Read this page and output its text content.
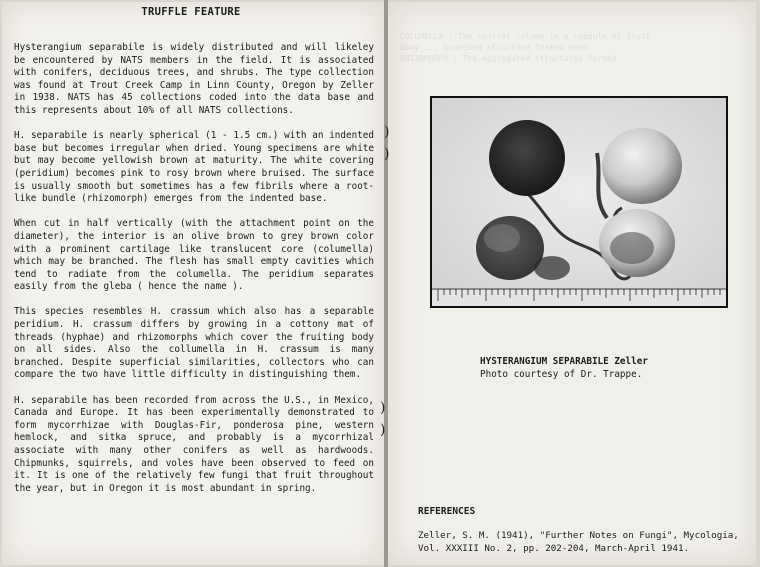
TRUFFLE FEATURE

Hysterangium separabile is widely distributed and will likeley be encountered by NATS members in the field. It is associated with conifers, deciduous trees, and shrubs. The type collection was found at Trout Creek Camp in Linn County, Oregon by Zeller in 1938. NATS has 45 collections coded into the data base and this represents about 10% of all NATS collections.

H. separabile is nearly spherical (1 - 1.5 cm.) with an indented base but becomes irregular when dried. Young specimens are white but may become yellowish brown at maturity. The white covering (peridium) becomes pink to rosy brown where bruised. The surface is usually smooth but sometimes has a few fibrils where a root-like bundle (rhizomorph) emerges from the indented base.

When cut in half vertically (with the attachment point on the diameter), the interior is an olive brown to grey brown color with a prominent cartilage like translucent core (columella) which may be branched. The flesh has small empty cavities which tend to radiate from the columella. The peridium separates easily from the gleba ( hence the name ).

This species resembles H. crassum which also has a separable peridium. H. crassum differs by growing in a cottony mat of threads (hyphae) and rhizomorphs which cover the fruiting body on all sides. Also the collumella in H. crassum is many branched. Despite superficial similarities, collectors who can compare the two have little difficulty in distinguishing them.

H. separabile has been recorded from across the U.S., in Mexico, Canada and Europe. It has been experimentally demonstrated to form mycorrhizae with Douglas-Fir, ponderosa pine, western hemlock, and sitka spruce, and probably is a mycorrhizal associate with many other conifers as well as hardwoods. Chipmunks, squirrels, and voles have been observed to feed on it. It is one of the relatively few fungi that fruit throughout the year, but in Oregon it is most abundant in spring.

)
)
)
)
HYSTERANGIUM SEPARABILE Zeller
Photo courtesy of Dr. Trappe.
REFERENCES
Zeller, S. M. (1941), "Further Notes on Fungi", Mycologia, Vol. XXXIII No. 2, pp. 202-204, March-April 1941.
